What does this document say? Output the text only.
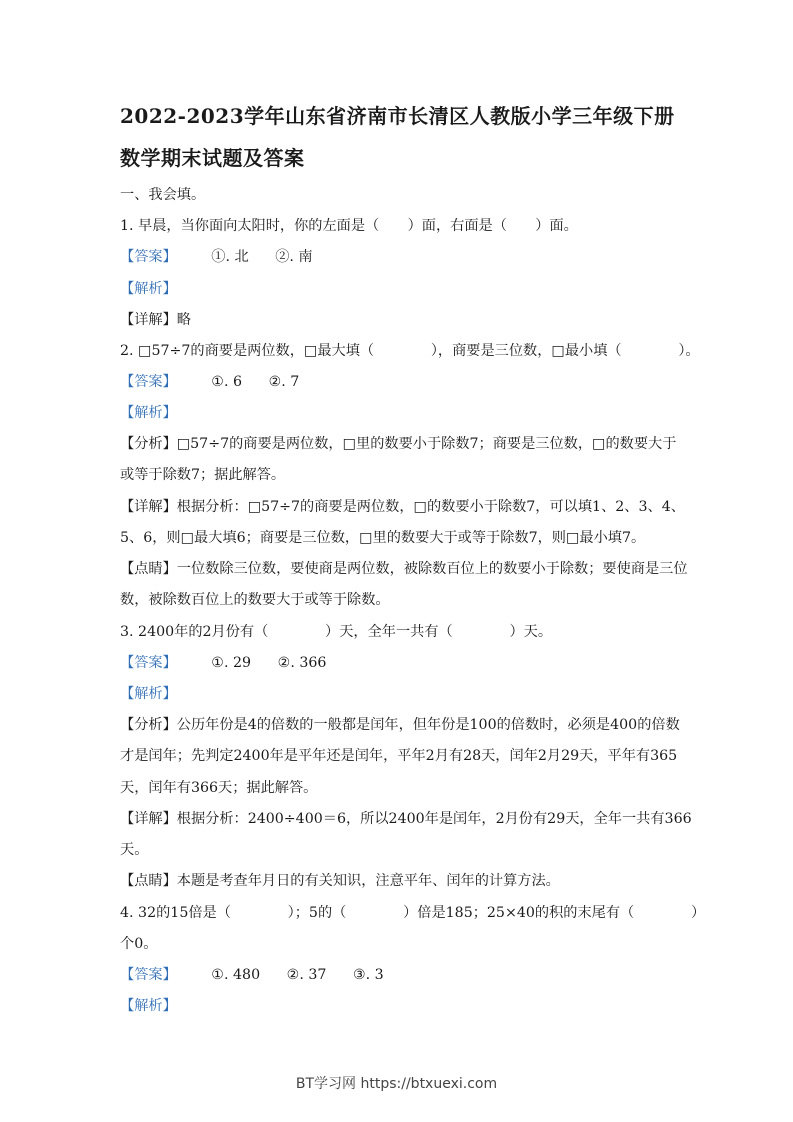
2022-2023学年山东省济南市长清区人教版小学三年级下册
数学期末试题及答案
一、我会填。
1. 早晨，当你面向太阳时，你的左面是（　　）面，右面是（　　）面。
【答案】 ①. 北 ②. 南
【解析】
【详解】略
2. □57÷7的商要是两位数，□最大填（　　　　），商要是三位数，□最小填（　　　　）。
【答案】 ①. 6 ②. 7
【解析】
【分析】□57÷7的商要是两位数，□里的数要小于除数7；商要是三位数，□的数要大于
或等于除数7；据此解答。
【详解】根据分析：□57÷7的商要是两位数，□的数要小于除数7，可以填1、2、3、4、
5、6，则□最大填6；商要是三位数，□里的数要大于或等于除数7，则□最小填7。
【点睛】一位数除三位数，要使商是两位数，被除数百位上的数要小于除数；要使商是三位
数，被除数百位上的数要大于或等于除数。
3. 2400年的2月份有（　　　　）天，全年一共有（　　　　）天。
【答案】 ①. 29 ②. 366
【解析】
【分析】公历年份是4的倍数的一般都是闰年，但年份是100的倍数时，必须是400的倍数
才是闰年；先判定2400年是平年还是闰年，平年2月有28天，闰年2月29天，平年有365
天，闰年有366天；据此解答。
【详解】根据分析：2400÷400＝6，所以2400年是闰年，2月份有29天，全年一共有366
天。
【点睛】本题是考查年月日的有关知识，注意平年、闰年的计算方法。
4. 32的15倍是（　　　　）；5的（　　　　）倍是185；25×40的积的末尾有（　　　　）
个0。
【答案】 ①. 480 ②. 37 ③. 3
【解析】
BT学习网 https://btxuexi.com
